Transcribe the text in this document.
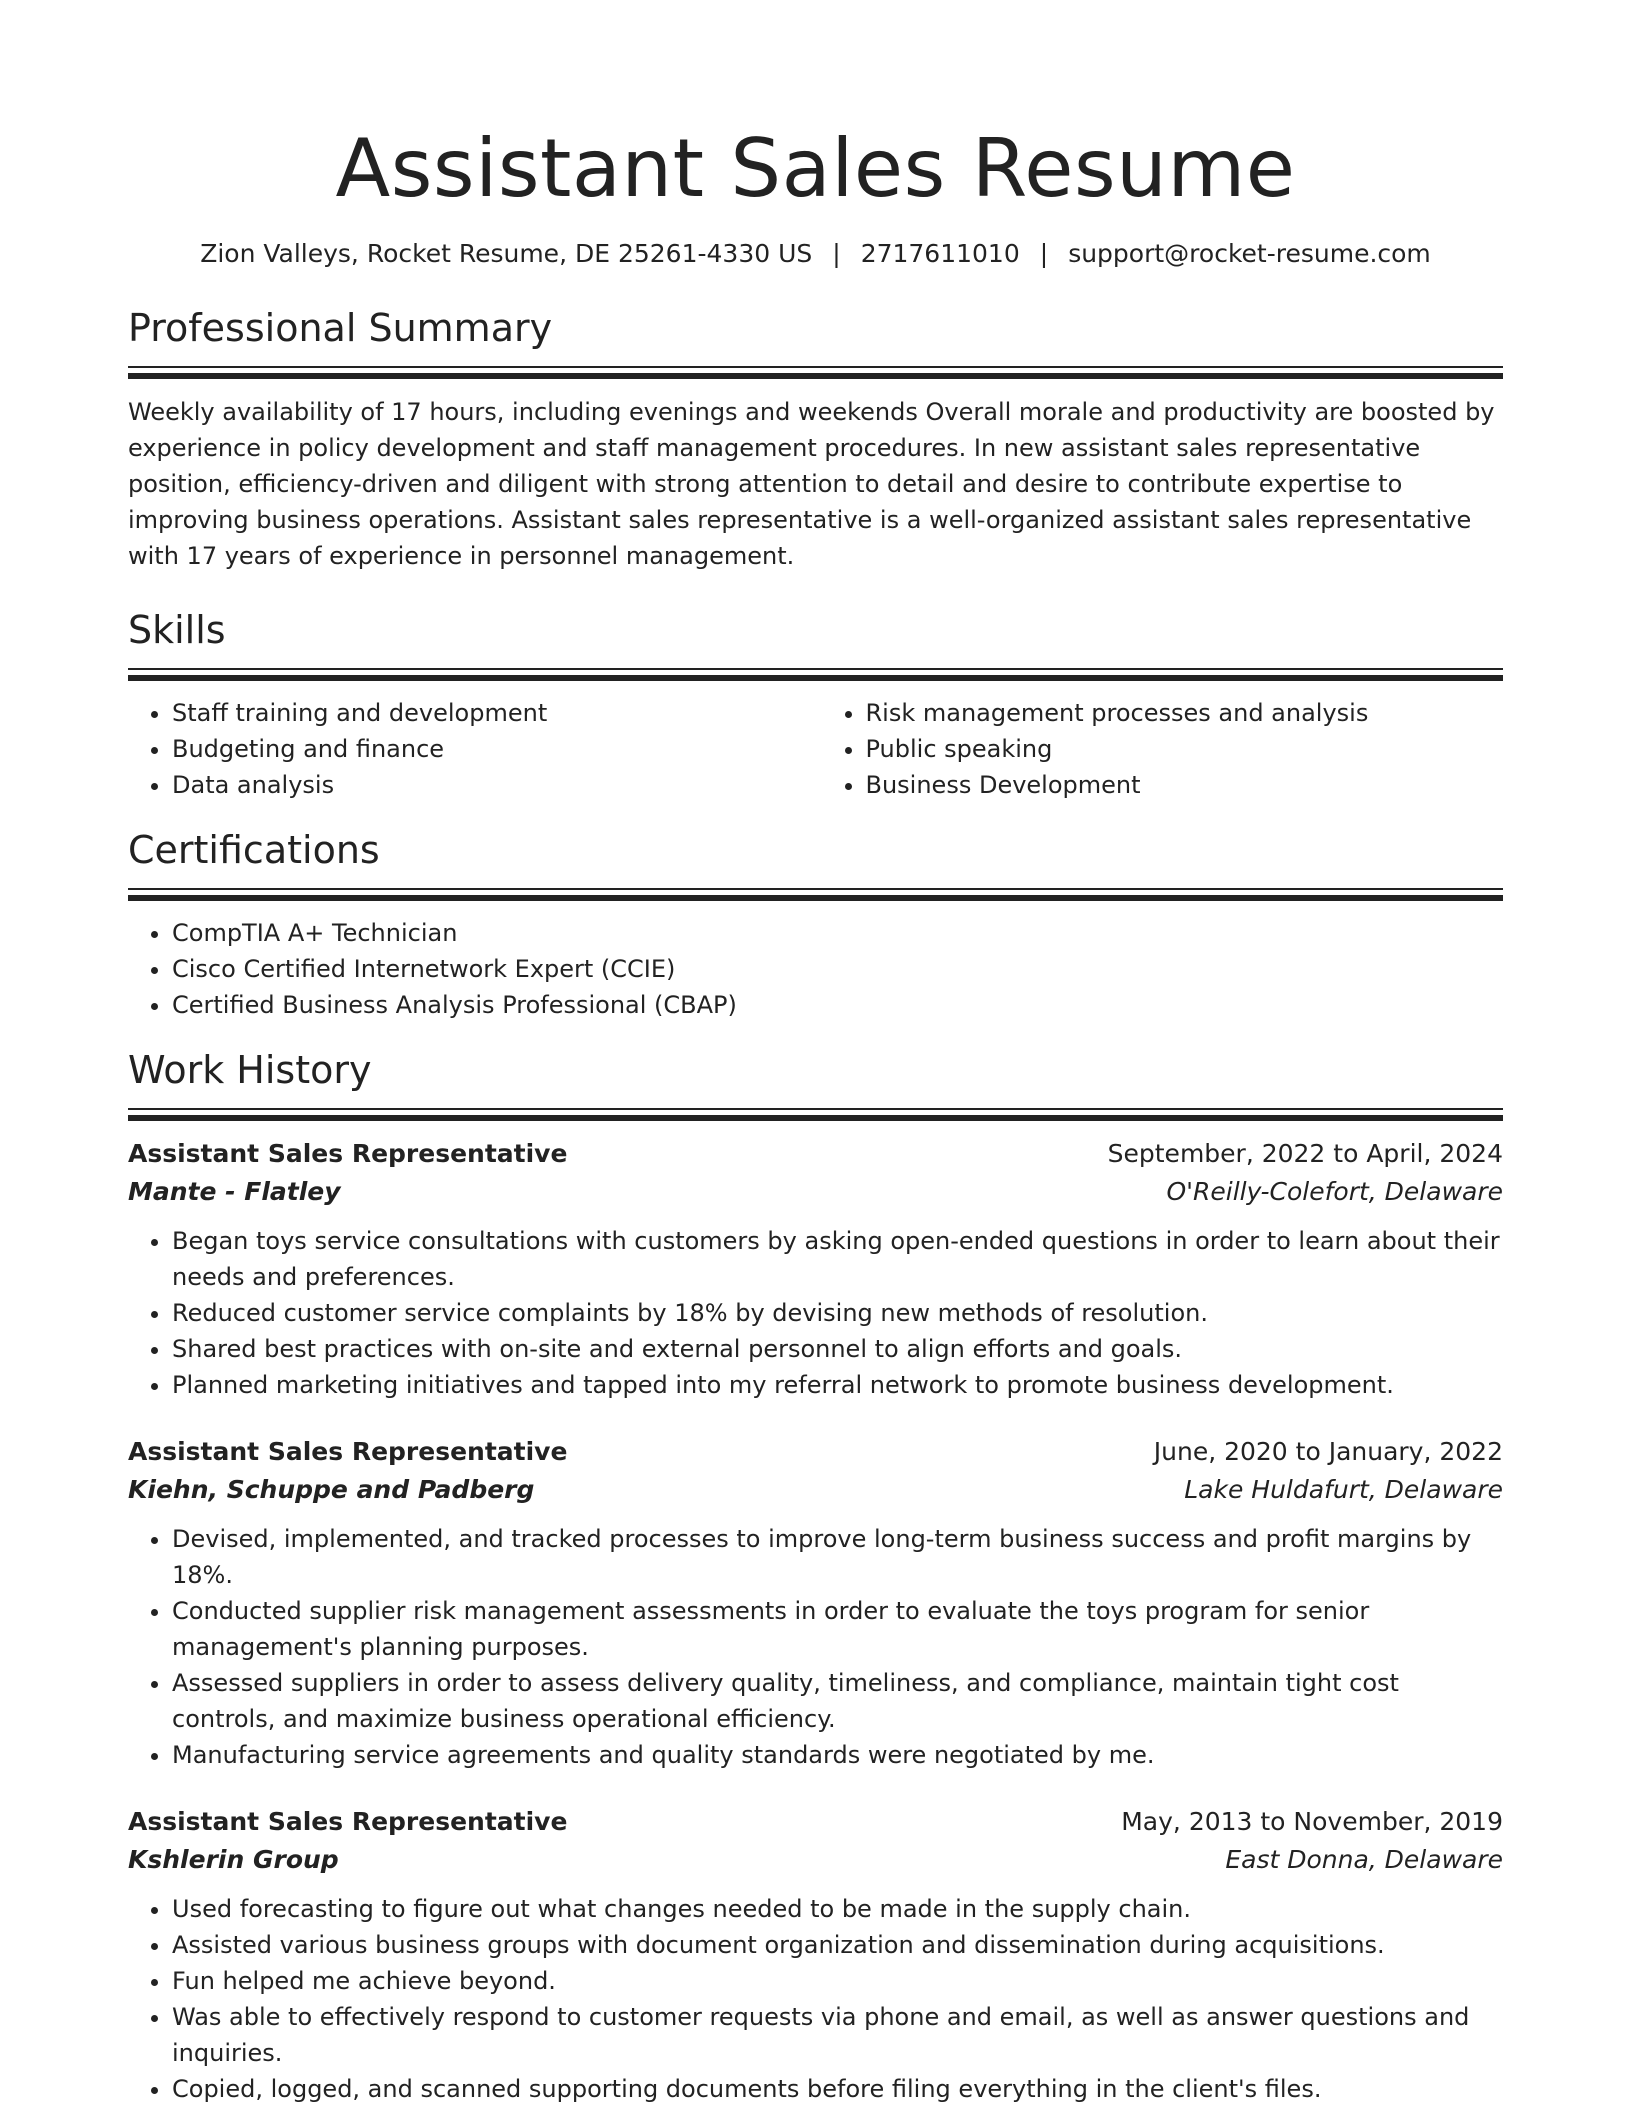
Assistant Sales Resume
Zion Valleys, Rocket Resume, DE 25261-4330 US | 2717611010 | support@rocket-resume.com
Professional Summary
Weekly availability of 17 hours, including evenings and weekends Overall morale and productivity are boosted by experience in policy development and staff management procedures. In new assistant sales representative position, efficiency-driven and diligent with strong attention to detail and desire to contribute expertise to improving business operations. Assistant sales representative is a well-organized assistant sales representative with 17 years of experience in personnel management.
Skills
• Staff training and development
• Budgeting and finance
• Data analysis
• Risk management processes and analysis
• Public speaking
• Business Development
Certifications
• CompTIA A+ Technician
• Cisco Certified Internetwork Expert (CCIE)
• Certified Business Analysis Professional (CBAP)
Work History
Assistant Sales Representative	September, 2022 to April, 2024
Mante - Flatley	O'Reilly-Colefort, Delaware
• Began toys service consultations with customers by asking open-ended questions in order to learn about their needs and preferences.
• Reduced customer service complaints by 18% by devising new methods of resolution.
• Shared best practices with on-site and external personnel to align efforts and goals.
• Planned marketing initiatives and tapped into my referral network to promote business development.
Assistant Sales Representative	June, 2020 to January, 2022
Kiehn, Schuppe and Padberg	Lake Huldafurt, Delaware
• Devised, implemented, and tracked processes to improve long-term business success and profit margins by 18%.
• Conducted supplier risk management assessments in order to evaluate the toys program for senior management's planning purposes.
• Assessed suppliers in order to assess delivery quality, timeliness, and compliance, maintain tight cost controls, and maximize business operational efficiency.
• Manufacturing service agreements and quality standards were negotiated by me.
Assistant Sales Representative	May, 2013 to November, 2019
Kshlerin Group	East Donna, Delaware
• Used forecasting to figure out what changes needed to be made in the supply chain.
• Assisted various business groups with document organization and dissemination during acquisitions.
• Fun helped me achieve beyond.
• Was able to effectively respond to customer requests via phone and email, as well as answer questions and inquiries.
• Copied, logged, and scanned supporting documents before filing everything in the client's files.
